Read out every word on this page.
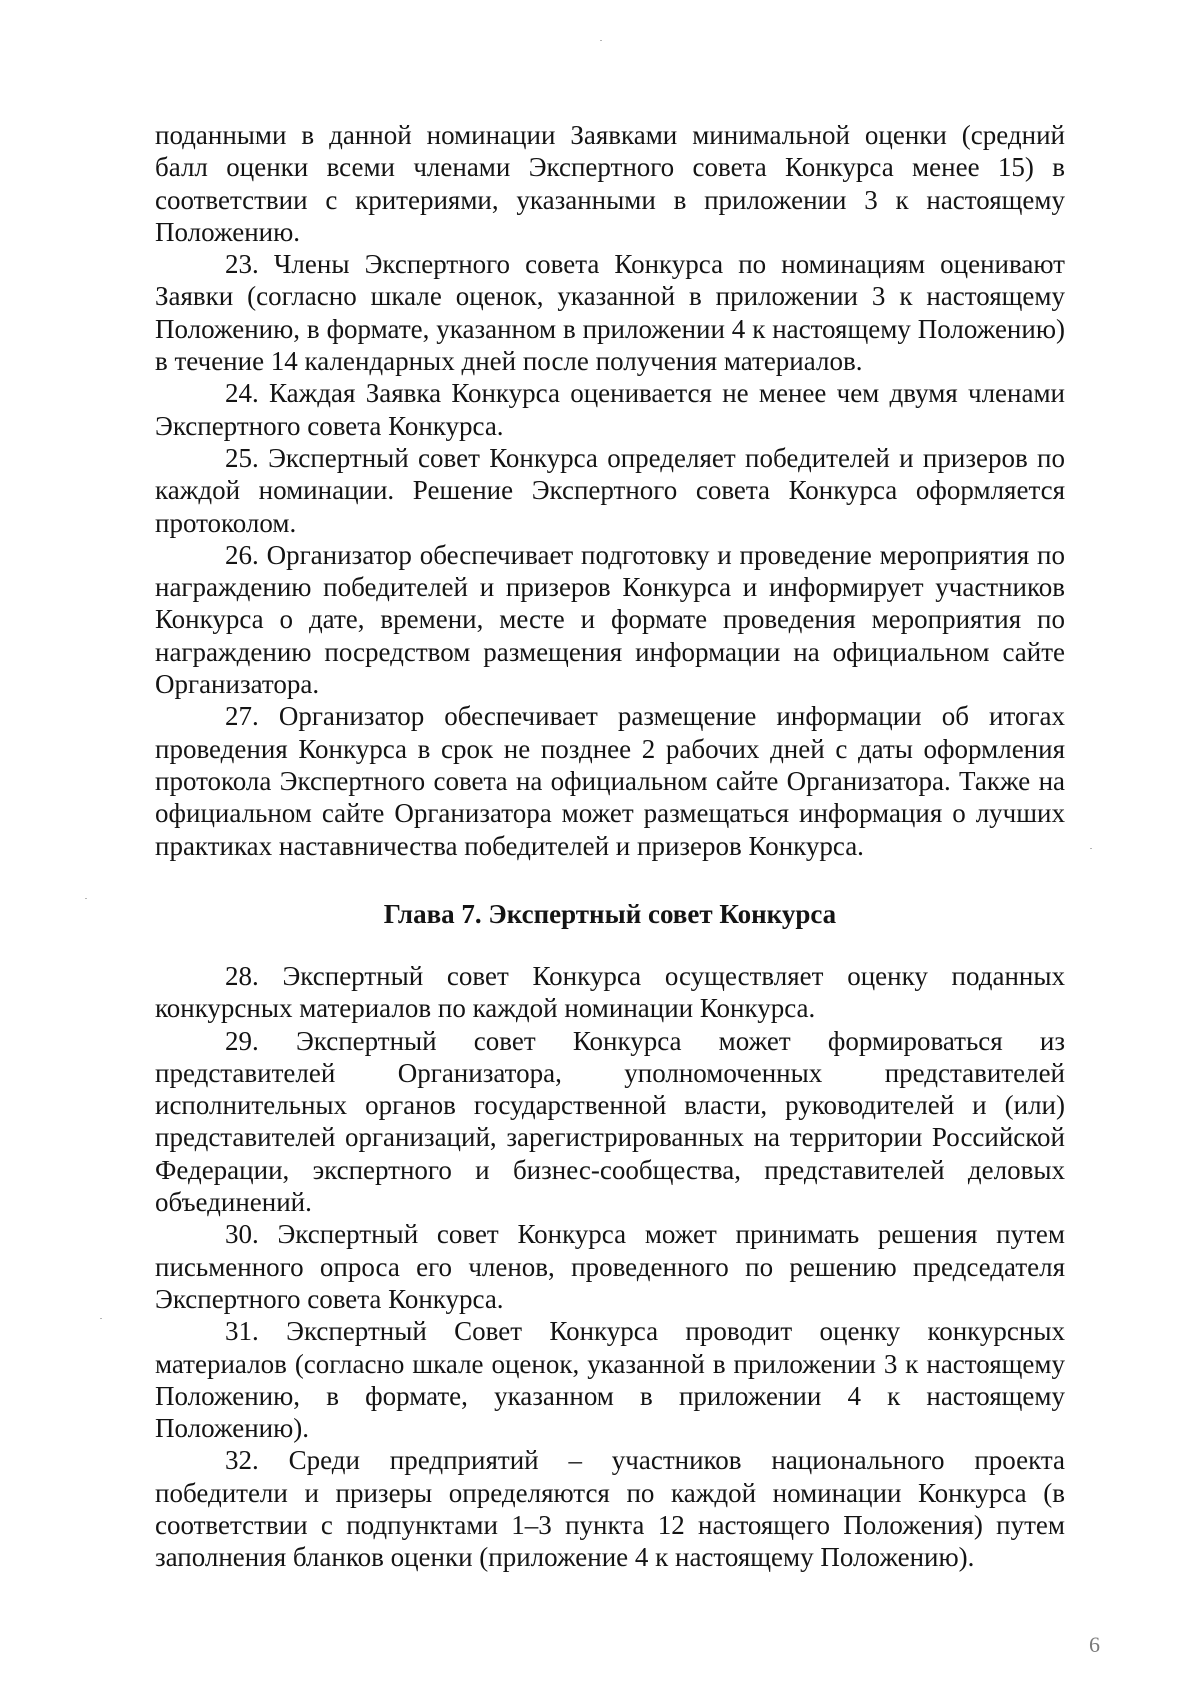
поданными в данной номинации Заявками минимальной оценки (средний балл оценки всеми членами Экспертного совета Конкурса менее 15) в соответствии с критериями, указанными в приложении 3 к настоящему Положению.

23. Члены Экспертного совета Конкурса по номинациям оценивают Заявки (согласно шкале оценок, указанной в приложении 3 к настоящему Положению, в формате, указанном в приложении 4 к настоящему Положению) в течение 14 календарных дней после получения материалов.

24. Каждая Заявка Конкурса оценивается не менее чем двумя членами Экспертного совета Конкурса.

25. Экспертный совет Конкурса определяет победителей и призеров по каждой номинации. Решение Экспертного совета Конкурса оформляется протоколом.

26. Организатор обеспечивает подготовку и проведение мероприятия по награждению победителей и призеров Конкурса и информирует участников Конкурса о дате, времени, месте и формате проведения мероприятия по награждению посредством размещения информации на официальном сайте Организатора.

27. Организатор обеспечивает размещение информации об итогах проведения Конкурса в срок не позднее 2 рабочих дней с даты оформления протокола Экспертного совета на официальном сайте Организатора. Также на официальном сайте Организатора может размещаться информация о лучших практиках наставничества победителей и призеров Конкурса.

Глава 7. Экспертный совет Конкурса

28. Экспертный совет Конкурса осуществляет оценку поданных конкурсных материалов по каждой номинации Конкурса.

29. Экспертный совет Конкурса может формироваться из представителей Организатора, уполномоченных представителей исполнительных органов государственной власти, руководителей и (или) представителей организаций, зарегистрированных на территории Российской Федерации, экспертного и бизнес-сообщества, представителей деловых объединений.

30. Экспертный совет Конкурса может принимать решения путем письменного опроса его членов, проведенного по решению председателя Экспертного совета Конкурса.

31. Экспертный Совет Конкурса проводит оценку конкурсных материалов (согласно шкале оценок, указанной в приложении 3 к настоящему Положению, в формате, указанном в приложении 4 к настоящему Положению).

32. Среди предприятий – участников национального проекта победители и призеры определяются по каждой номинации Конкурса (в соответствии с подпунктами 1–3 пункта 12 настоящего Положения) путем заполнения бланков оценки (приложение 4 к настоящему Положению).

6
